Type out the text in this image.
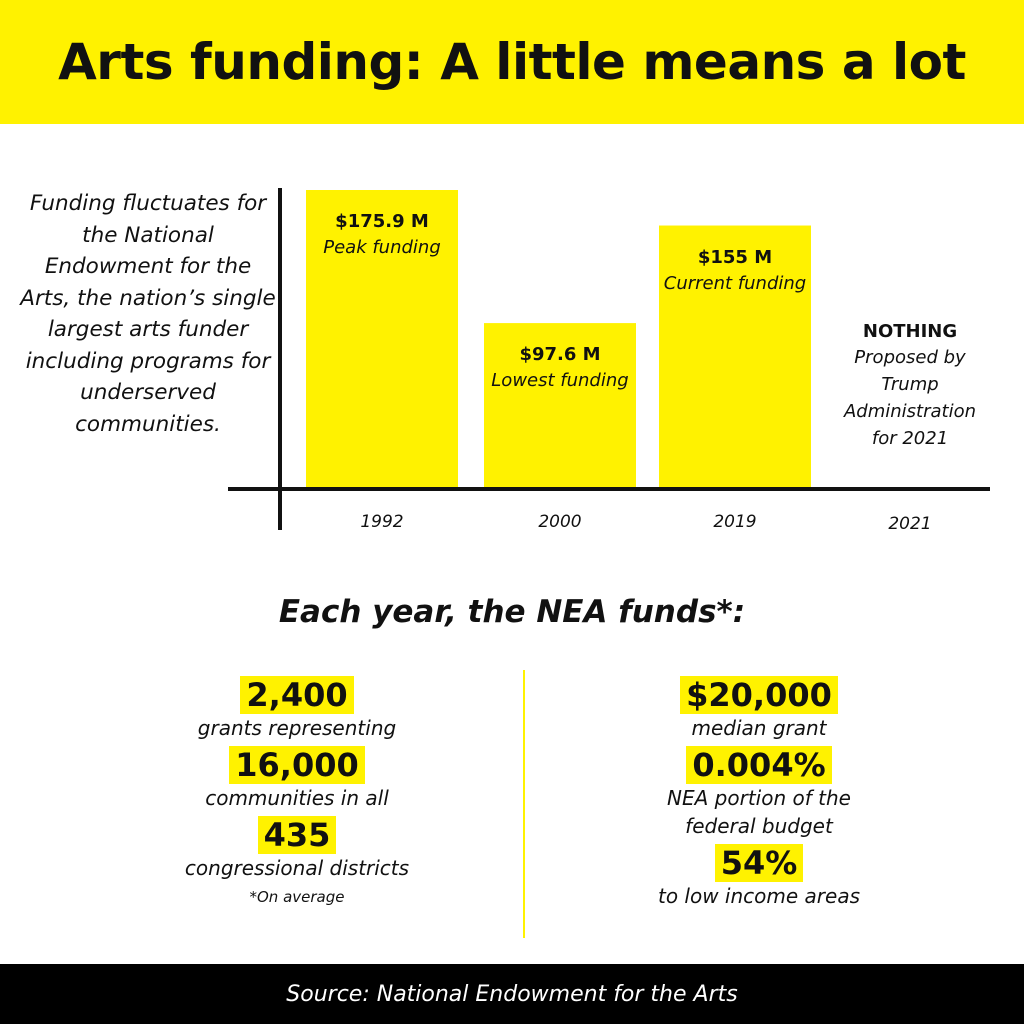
Arts funding: A little means a lot
Funding fluctuates for the National Endowment for the Arts, the nation’s single largest arts funder including programs for underserved communities.
$175.9 M
Peak funding
$97.6 M
Lowest funding
$155 M
Current funding
NOTHING
Proposed by Trump Administration for 2021
1992	2000	2019	2021
Each year, the NEA funds*:
2,400
grants representing
16,000
communities in all
435
congressional districts
*On average
$20,000
median grant
0.004%
NEA portion of the federal budget
54%
to low income areas
Source: National Endowment for the Arts
